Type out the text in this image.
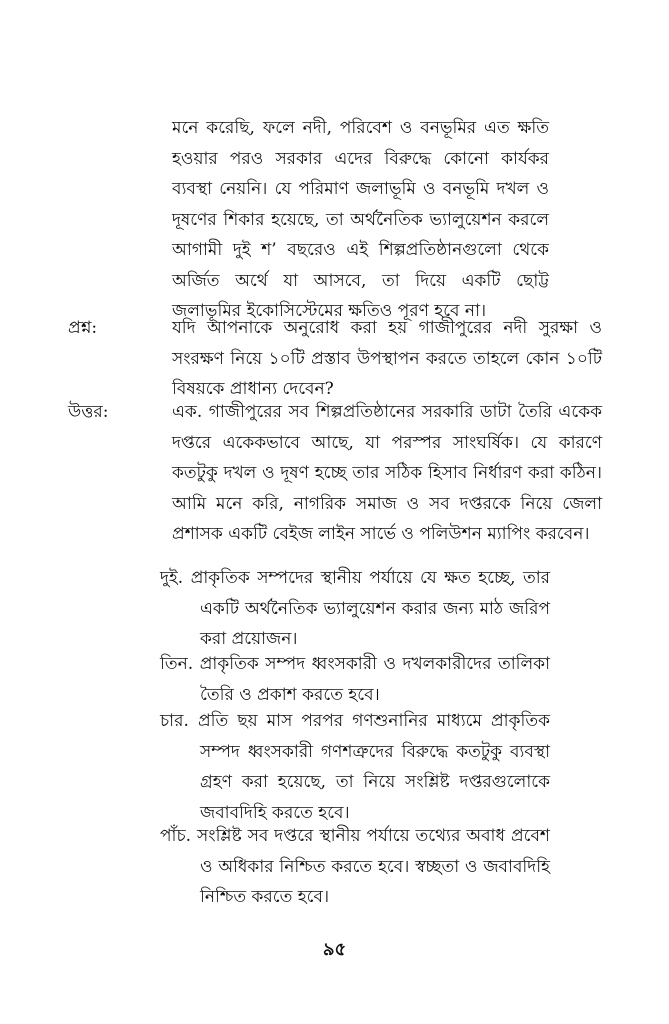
মনে করেছি, ফলে নদী, পরিবেশ ও বনভূমির এত ক্ষতি হওয়ার পরও সরকার এদের বিরুদ্ধে কোনো কার্যকর ব্যবস্থা নেয়নি। যে পরিমাণ জলাভূমি ও বনভূমি দখল ও দূষণের শিকার হয়েছে, তা অর্থনৈতিক ভ্যালুয়েশন করলে আগামী দুই শ’ বছরেও এই শিল্পপ্রতিষ্ঠানগুলো থেকে অর্জিত অর্থে যা আসবে, তা দিয়ে একটি ছোট্ট জলাভূমির ইকোসিস্টেমের ক্ষতিও পূরণ হবে না।

প্রশ্ন:	যদি আপনাকে অনুরোধ করা হয় গাজীপুরের নদী সুরক্ষা ও সংরক্ষণ নিয়ে ১০টি প্রস্তাব উপস্থাপন করতে তাহলে কোন ১০টি বিষয়কে প্রাধান্য দেবেন?
উত্তর:	এক. গাজীপুরের সব শিল্পপ্রতিষ্ঠানের সরকারি ডাটা তৈরি একেক দপ্তরে একেকভাবে আছে, যা পরস্পর সাংঘর্ষিক। যে কারণে কতটুকু দখল ও দূষণ হচ্ছে তার সঠিক হিসাব নির্ধারণ করা কঠিন। আমি মনে করি, নাগরিক সমাজ ও সব দপ্তরকে নিয়ে জেলা প্রশাসক একটি বেইজ লাইন সার্ভে ও পলিউশন ম্যাপিং করবেন।
দুই. প্রাকৃতিক সম্পদের স্থানীয় পর্যায়ে যে ক্ষত হচ্ছে, তার একটি অর্থনৈতিক ভ্যালুয়েশন করার জন্য মাঠ জরিপ করা প্রয়োজন।
তিন. প্রাকৃতিক সম্পদ ধ্বংসকারী ও দখলকারীদের তালিকা তৈরি ও প্রকাশ করতে হবে।
চার. প্রতি ছয় মাস পরপর গণশুনানির মাধ্যমে প্রাকৃতিক সম্পদ ধ্বংসকারী গণশত্রুদের বিরুদ্ধে কতটুকু ব্যবস্থা গ্রহণ করা হয়েছে, তা নিয়ে সংশ্লিষ্ট দপ্তরগুলোকে জবাবদিহি করতে হবে।
পাঁচ. সংশ্লিষ্ট সব দপ্তরে স্থানীয় পর্যায়ে তথ্যের অবাধ প্রবেশ ও অধিকার নিশ্চিত করতে হবে। স্বচ্ছতা ও জবাবদিহি নিশ্চিত করতে হবে।
৯৫
